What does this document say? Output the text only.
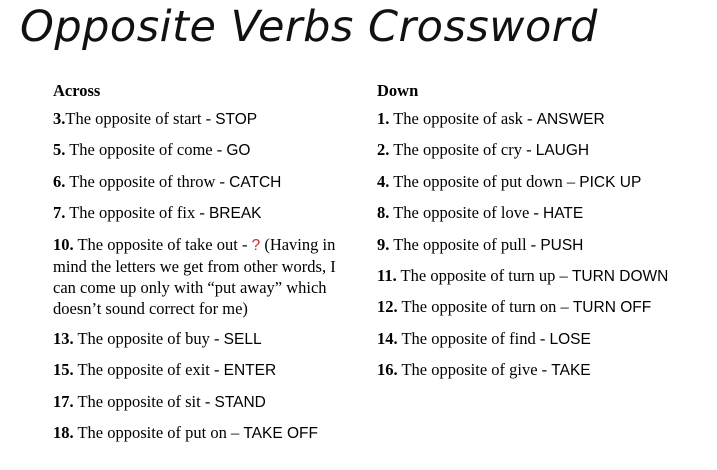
Opposite Verbs Crossword
Across
3.The opposite of start - STOP
5. The opposite of come - GO
6. The opposite of throw - CATCH
7. The opposite of fix - BREAK
10. The opposite of take out - ? (Having in mind the letters we get from other words, I can come up only with “put away” which doesn’t sound correct for me)
13. The opposite of buy - SELL
15. The opposite of exit - ENTER
17. The opposite of sit - STAND
18. The opposite of put on – TAKE OFF
Down
1. The opposite of ask - ANSWER
2. The opposite of cry - LAUGH
4. The opposite of put down – PICK UP
8. The opposite of love - HATE
9. The opposite of pull - PUSH
11. The opposite of turn up – TURN DOWN
12. The opposite of turn on – TURN OFF
14. The opposite of find - LOSE
16. The opposite of give - TAKE
